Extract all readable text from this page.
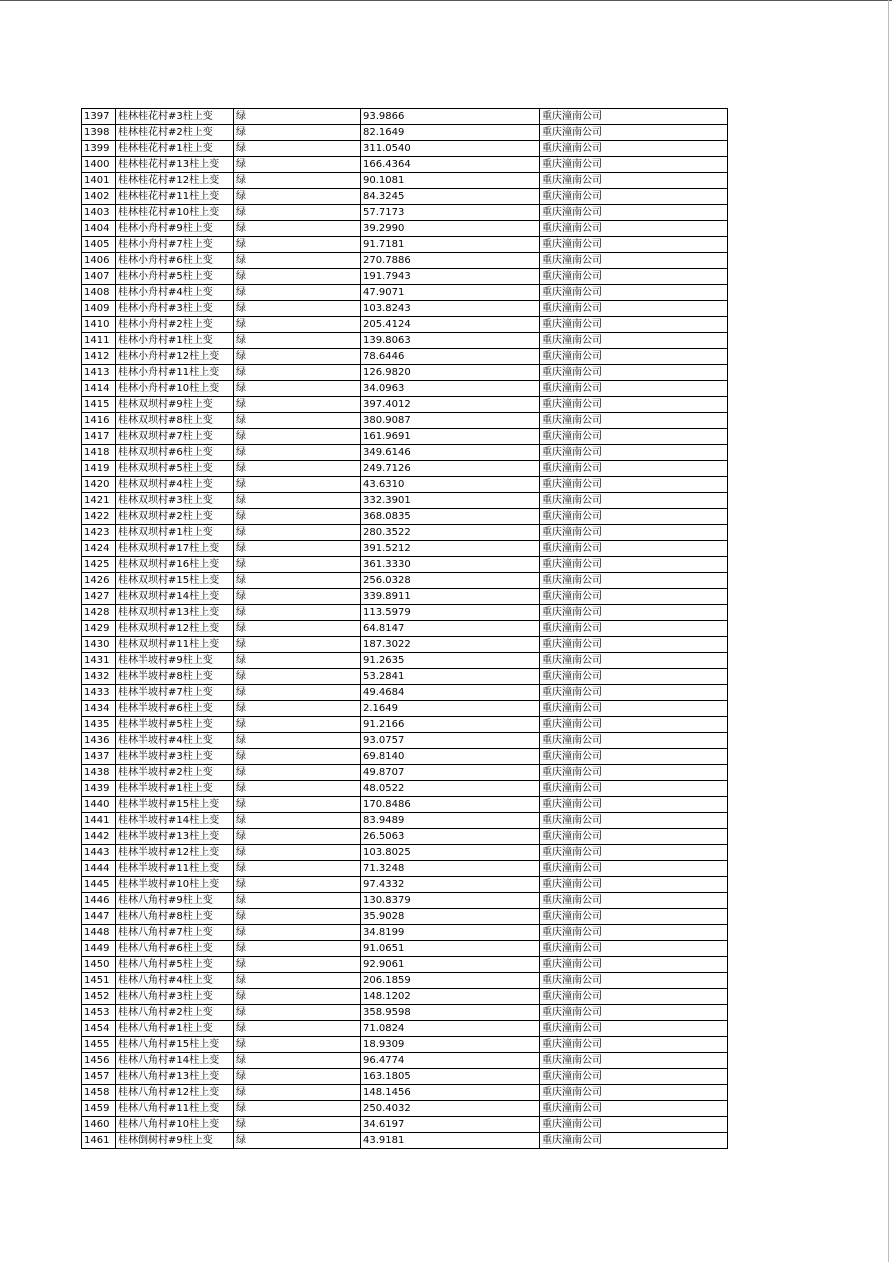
1397	桂林桂花村#3柱上变	绿	93.9866	重庆潼南公司
1398	桂林桂花村#2柱上变	绿	82.1649	重庆潼南公司
1399	桂林桂花村#1柱上变	绿	311.0540	重庆潼南公司
1400	桂林桂花村#13柱上变	绿	166.4364	重庆潼南公司
1401	桂林桂花村#12柱上变	绿	90.1081	重庆潼南公司
1402	桂林桂花村#11柱上变	绿	84.3245	重庆潼南公司
1403	桂林桂花村#10柱上变	绿	57.7173	重庆潼南公司
1404	桂林小舟村#9柱上变	绿	39.2990	重庆潼南公司
1405	桂林小舟村#7柱上变	绿	91.7181	重庆潼南公司
1406	桂林小舟村#6柱上变	绿	270.7886	重庆潼南公司
1407	桂林小舟村#5柱上变	绿	191.7943	重庆潼南公司
1408	桂林小舟村#4柱上变	绿	47.9071	重庆潼南公司
1409	桂林小舟村#3柱上变	绿	103.8243	重庆潼南公司
1410	桂林小舟村#2柱上变	绿	205.4124	重庆潼南公司
1411	桂林小舟村#1柱上变	绿	139.8063	重庆潼南公司
1412	桂林小舟村#12柱上变	绿	78.6446	重庆潼南公司
1413	桂林小舟村#11柱上变	绿	126.9820	重庆潼南公司
1414	桂林小舟村#10柱上变	绿	34.0963	重庆潼南公司
1415	桂林双坝村#9柱上变	绿	397.4012	重庆潼南公司
1416	桂林双坝村#8柱上变	绿	380.9087	重庆潼南公司
1417	桂林双坝村#7柱上变	绿	161.9691	重庆潼南公司
1418	桂林双坝村#6柱上变	绿	349.6146	重庆潼南公司
1419	桂林双坝村#5柱上变	绿	249.7126	重庆潼南公司
1420	桂林双坝村#4柱上变	绿	43.6310	重庆潼南公司
1421	桂林双坝村#3柱上变	绿	332.3901	重庆潼南公司
1422	桂林双坝村#2柱上变	绿	368.0835	重庆潼南公司
1423	桂林双坝村#1柱上变	绿	280.3522	重庆潼南公司
1424	桂林双坝村#17柱上变	绿	391.5212	重庆潼南公司
1425	桂林双坝村#16柱上变	绿	361.3330	重庆潼南公司
1426	桂林双坝村#15柱上变	绿	256.0328	重庆潼南公司
1427	桂林双坝村#14柱上变	绿	339.8911	重庆潼南公司
1428	桂林双坝村#13柱上变	绿	113.5979	重庆潼南公司
1429	桂林双坝村#12柱上变	绿	64.8147	重庆潼南公司
1430	桂林双坝村#11柱上变	绿	187.3022	重庆潼南公司
1431	桂林半坡村#9柱上变	绿	91.2635	重庆潼南公司
1432	桂林半坡村#8柱上变	绿	53.2841	重庆潼南公司
1433	桂林半坡村#7柱上变	绿	49.4684	重庆潼南公司
1434	桂林半坡村#6柱上变	绿	2.1649	重庆潼南公司
1435	桂林半坡村#5柱上变	绿	91.2166	重庆潼南公司
1436	桂林半坡村#4柱上变	绿	93.0757	重庆潼南公司
1437	桂林半坡村#3柱上变	绿	69.8140	重庆潼南公司
1438	桂林半坡村#2柱上变	绿	49.8707	重庆潼南公司
1439	桂林半坡村#1柱上变	绿	48.0522	重庆潼南公司
1440	桂林半坡村#15柱上变	绿	170.8486	重庆潼南公司
1441	桂林半坡村#14柱上变	绿	83.9489	重庆潼南公司
1442	桂林半坡村#13柱上变	绿	26.5063	重庆潼南公司
1443	桂林半坡村#12柱上变	绿	103.8025	重庆潼南公司
1444	桂林半坡村#11柱上变	绿	71.3248	重庆潼南公司
1445	桂林半坡村#10柱上变	绿	97.4332	重庆潼南公司
1446	桂林八角村#9柱上变	绿	130.8379	重庆潼南公司
1447	桂林八角村#8柱上变	绿	35.9028	重庆潼南公司
1448	桂林八角村#7柱上变	绿	34.8199	重庆潼南公司
1449	桂林八角村#6柱上变	绿	91.0651	重庆潼南公司
1450	桂林八角村#5柱上变	绿	92.9061	重庆潼南公司
1451	桂林八角村#4柱上变	绿	206.1859	重庆潼南公司
1452	桂林八角村#3柱上变	绿	148.1202	重庆潼南公司
1453	桂林八角村#2柱上变	绿	358.9598	重庆潼南公司
1454	桂林八角村#1柱上变	绿	71.0824	重庆潼南公司
1455	桂林八角村#15柱上变	绿	18.9309	重庆潼南公司
1456	桂林八角村#14柱上变	绿	96.4774	重庆潼南公司
1457	桂林八角村#13柱上变	绿	163.1805	重庆潼南公司
1458	桂林八角村#12柱上变	绿	148.1456	重庆潼南公司
1459	桂林八角村#11柱上变	绿	250.4032	重庆潼南公司
1460	桂林八角村#10柱上变	绿	34.6197	重庆潼南公司
1461	桂林倒树村#9柱上变	绿	43.9181	重庆潼南公司
